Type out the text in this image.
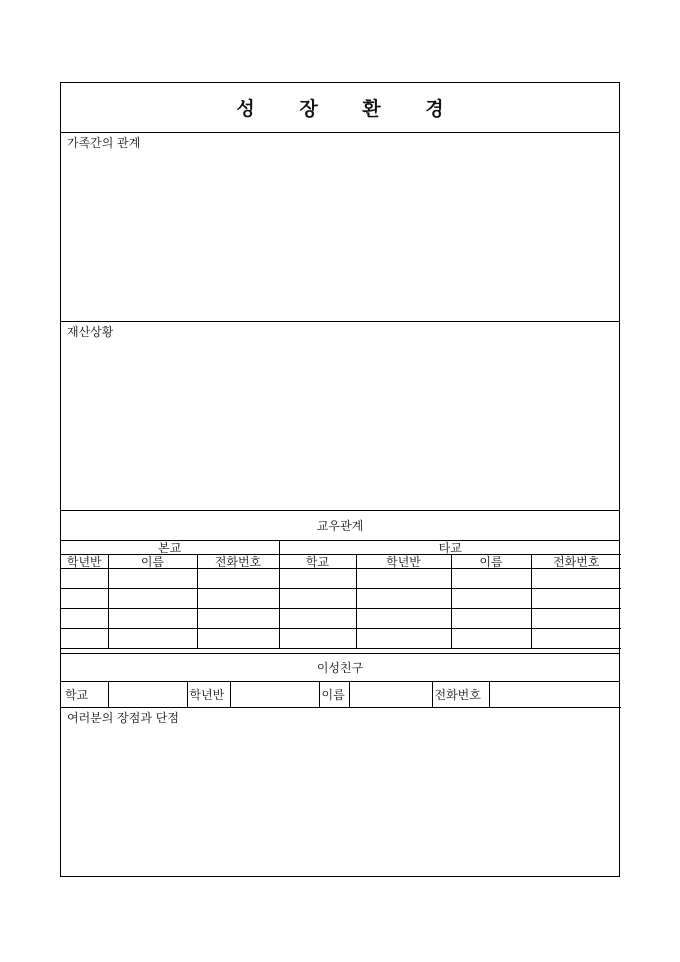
성 장 환 경
가족간의 관계
재산상황
교우관계
본교			타교			
학년반	이름	전화번호	학교	학년반	이름	전화번호

이성친구
학교		학년반		이름		전화번호	
여러분의 장점과 단점
